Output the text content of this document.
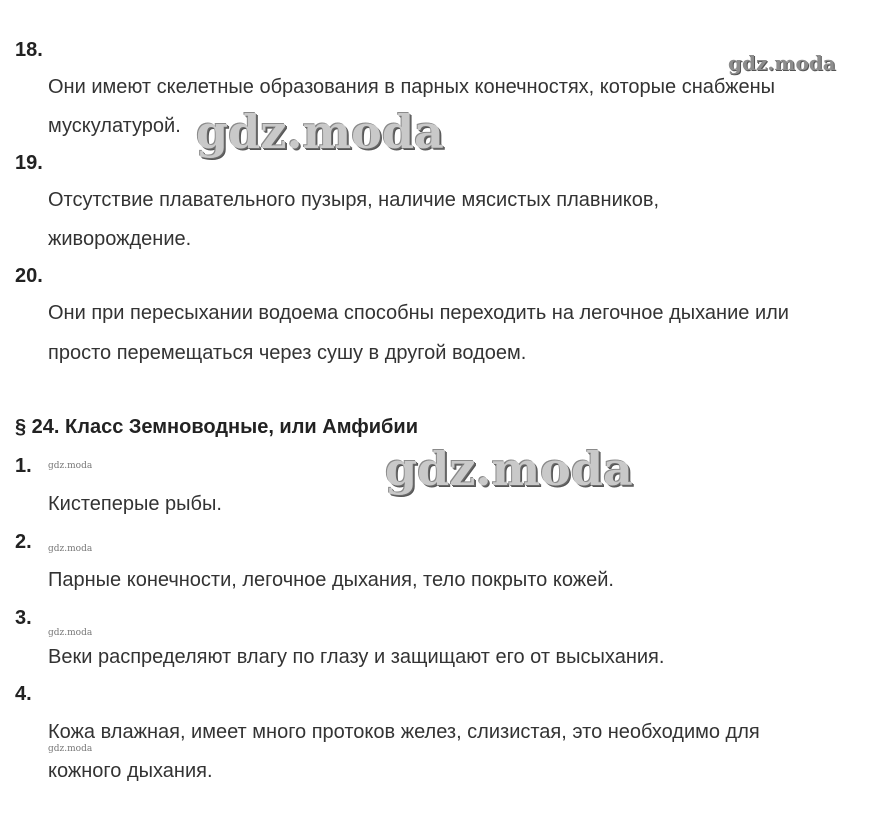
18.
gdz.moda
Они имеют скелетные образования в парных конечностях, которые снабжены
мускулатурой. gdz.moda
19.
Отсутствие плавательного пузыря, наличие мясистых плавников,
живорождение.
20.
Они при пересыхании водоема способны переходить на легочное дыхание или
просто перемещаться через сушу в другой водоем.
§ 24. Класс Земноводные, или Амфибии
gdz.moda
1. gdz.moda
Кистеперые рыбы.
2. gdz.moda
Парные конечности, легочное дыхания, тело покрыто кожей.
3.
gdz.moda
Веки распределяют влагу по глазу и защищают его от высыхания.
4.
Кожа влажная, имеет много протоков желез, слизистая, это необходимо для
gdz.moda
кожного дыхания.
